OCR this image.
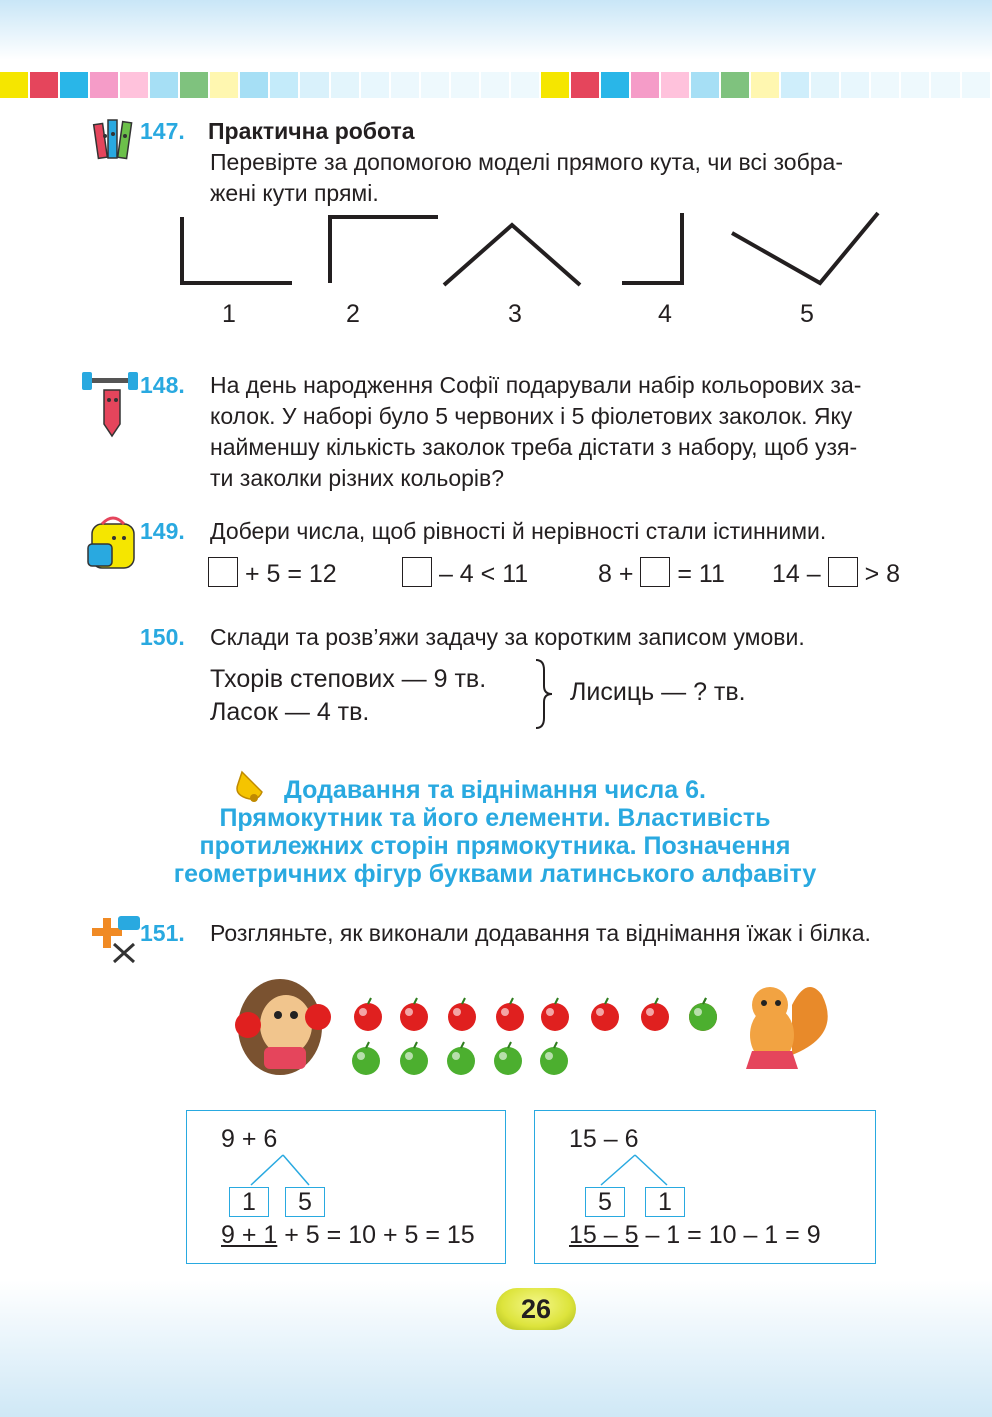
147. Практична робота
Перевірте за допомогою моделі прямого кута, чи всі зобра-
жені кути прямі.
1	2	3	4	5
148.	На день народження Софії подарували набір кольорових за-
колок. У наборі було 5 червоних і 5 фіолетових заколок. Яку
найменшу кількість заколок треба дістати з набору, щоб узя-
ти заколки різних кольорів?
149.	Добери числа, щоб рівності й нерівності стали істинними.
+ 5 = 12	– 4 < 11	8 + = 11 14 – > 8
150.	Склади та розв’яжи задачу за коротким записом умови.
Тхорів степових — 9 тв.
Ласок — 4 тв.
Лисиць — ? тв.
Додавання та віднімання числа 6.
Прямокутник та його елементи. Властивість
протилежних сторін прямокутника. Позначення
геометричних фігур буквами латинського алфавіту
151.	Розгляньте, як виконали додавання та віднімання їжак і білка.
9 + 6
1	5
9 + 1 + 5 = 10 + 5 = 15
15 – 6
5	1
15 – 5 – 1 = 10 – 1 = 9
26
